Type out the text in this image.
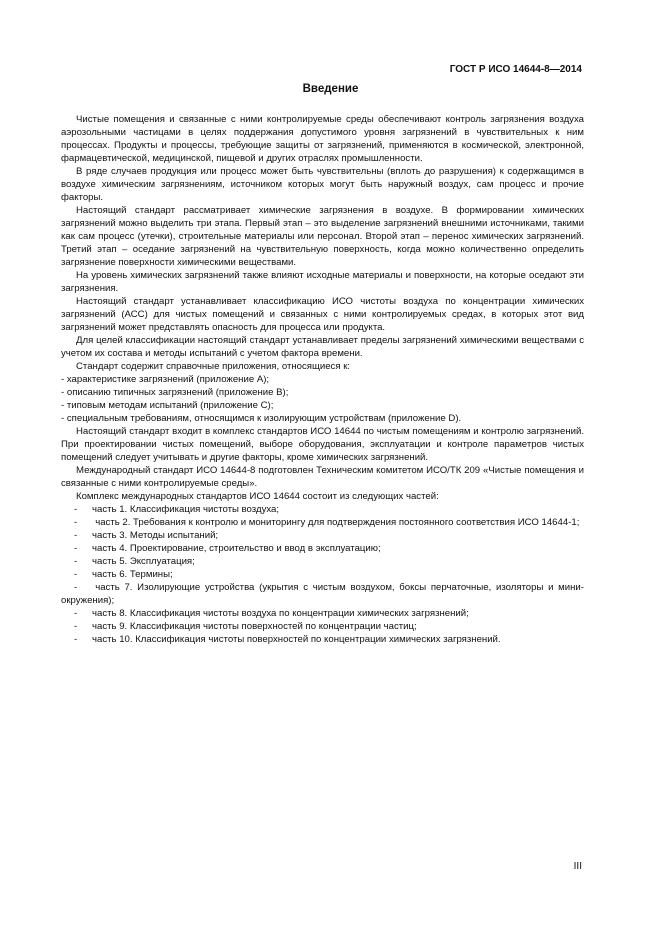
ГОСТ Р ИСО 14644-8—2014
Введение

Чистые помещения и связанные с ними контролируемые среды обеспечивают контроль загрязнения воздуха аэрозольными частицами в целях поддержания допустимого уровня загрязнений в чувствительных к ним процессах. Продукты и процессы, требующие защиты от загрязнений, применяются в космической, электронной, фармацевтической, медицинской, пищевой и других отраслях промышленности.

В ряде случаев продукция или процесс может быть чувствительны (вплоть до разрушения) к содержащимся в воздухе химическим загрязнениям, источником которых могут быть наружный воздух, сам процесс и прочие факторы.

Настоящий стандарт рассматривает химические загрязнения в воздухе. В формировании химических загрязнений можно выделить три этапа. Первый этап – это выделение загрязнений внешними источниками, такими как сам процесс (утечки), строительные материалы или персонал. Второй этап – перенос химических загрязнений. Третий этап – оседание загрязнений на чувствительную поверхность, когда можно количественно определить загрязнение поверхности химическими веществами.

На уровень химических загрязнений также влияют исходные материалы и поверхности, на которые оседают эти загрязнения.

Настоящий стандарт устанавливает классификацию ИСО чистоты воздуха по концентрации химических загрязнений (АСС) для чистых помещений и связанных с ними контролируемых средах, в которых этот вид загрязнений может представлять опасность для процесса или продукта.

Для целей классификации настоящий стандарт устанавливает пределы загрязнений химическими веществами с учетом их состава и методы испытаний с учетом фактора времени.

Стандарт содержит справочные приложения, относящиеся к:

- характеристике загрязнений (приложение А);

- описанию типичных загрязнений (приложение В);

- типовым методам испытаний (приложение С);

- специальным требованиям, относящимся к изолирующим устройствам (приложение D).

Настоящий стандарт входит в комплекс стандартов ИСО 14644 по чистым помещениям и контролю загрязнений. При проектировании чистых помещений, выборе оборудования, эксплуатации и контроле параметров чистых помещений следует учитывать и другие факторы, кроме химических загрязнений.

Международный стандарт ИСО 14644-8 подготовлен Техническим комитетом ИСО/ТК 209 «Чистые помещения и связанные с ними контролируемые среды».

Комплекс международных стандартов ИСО 14644 состоит из следующих частей:

-	часть 1. Классификация чистоты воздуха;

- часть 2. Требования к контролю и мониторингу для подтверждения постоянного соответствия ИСО 14644-1;

-	часть 3. Методы испытаний;

-	часть 4. Проектирование, строительство и ввод в эксплуатацию;

-	часть 5. Эксплуатация;

-	часть 6. Термины;

- часть 7. Изолирующие устройства (укрытия с чистым воздухом, боксы перчаточные, изоляторы и мини-окружения);

-	часть 8. Классификация чистоты воздуха по концентрации химических загрязнений;

-	часть 9. Классификация чистоты поверхностей по концентрации частиц;

-	часть 10. Классификация чистоты поверхностей по концентрации химических загрязнений.

III
